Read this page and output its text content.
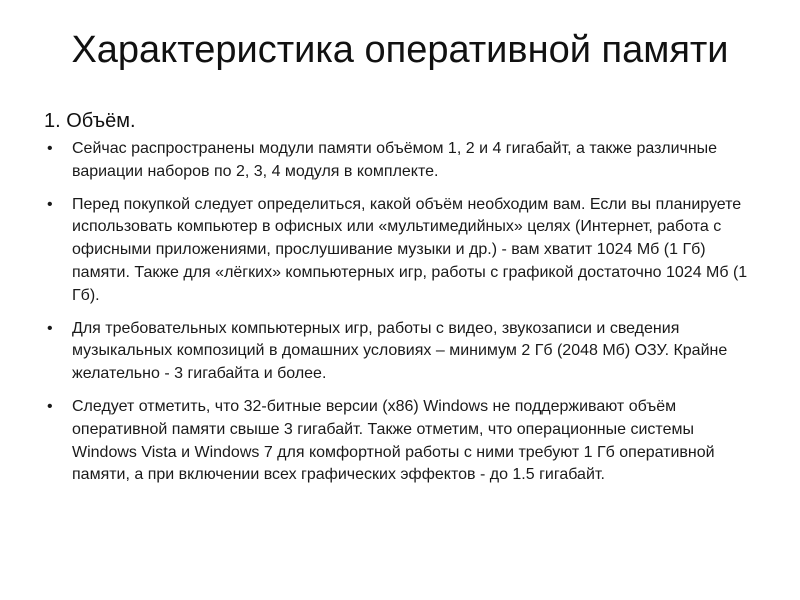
Характеристика оперативной памяти

1. Объём.

• Сейчас распространены модули памяти объёмом 1, 2 и 4 гигабайт, а также различные вариации наборов по 2, 3, 4 модуля в комплекте.
• Перед покупкой следует определиться, какой объём необходим вам. Если вы планируете использовать компьютер в офисных или «мультимедийных» целях (Интернет, работа с офисными приложениями, прослушивание музыки и др.) - вам хватит 1024 Мб (1 Гб) памяти. Также для «лёгких» компьютерных игр, работы с графикой достаточно 1024 Мб (1 Гб).
• Для требовательных компьютерных игр, работы с видео, звукозаписи и сведения музыкальных композиций в домашних условиях – минимум 2 Гб (2048 Мб) ОЗУ. Крайне желательно - 3 гигабайта и более.
• Следует отметить, что 32-битные версии (x86) Windows не поддерживают объём оперативной памяти свыше 3 гигабайт. Также отметим, что операционные системы Windows Vista и Windows 7 для комфортной работы с ними требуют 1 Гб оперативной памяти, а при включении всех графических эффектов - до 1.5 гигабайт.
